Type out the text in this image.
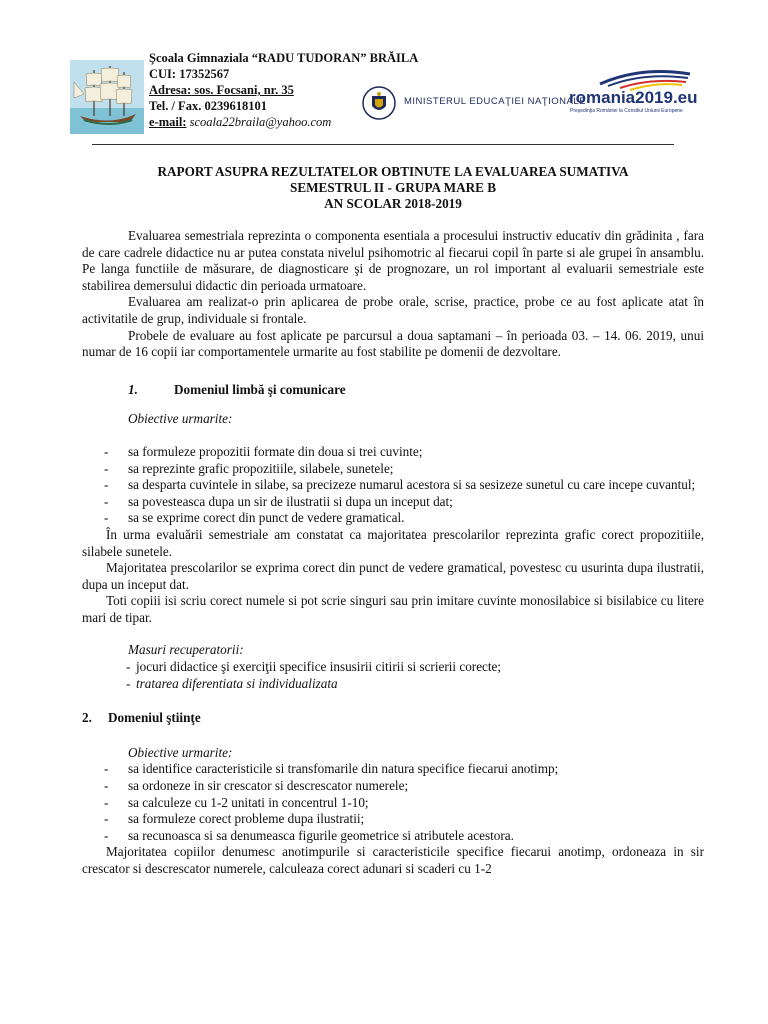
Şcoala Gimnaziala “RADU TUDORAN” BRĂILA
CUI: 17352567
Adresa: sos. Focsani, nr. 35
Tel. / Fax. 0239618101
e-mail: scoala22braila@yahoo.com
MINISTERUL EDUCAŢIEI NAŢIONALE
romania2019.eu
Preşedinţia României la Consiliul Uniunii Europene
RAPORT ASUPRA REZULTATELOR OBTINUTE LA EVALUAREA SUMATIVA
SEMESTRUL II - GRUPA MARE B
AN SCOLAR 2018-2019

Evaluarea semestriala reprezinta o componenta esentiala a procesului instructiv educativ din grădinita , fara de care cadrele didactice nu ar putea constata nivelul psihomotric al fiecarui copil în parte si ale grupei în ansamblu. Pe langa functiile de măsurare, de diagnosticare şi de prognozare, un rol important al evaluarii semestriale este stabilirea demersului didactic din perioada urmatoare.

Evaluarea am realizat-o prin aplicarea de probe orale, scrise, practice, probe ce au fost aplicate atat în activitatile de grup, individuale si frontale.

Probele de evaluare au fost aplicate pe parcursul a doua saptamani – în perioada 03. – 14. 06. 2019, unui numar de 16 copii iar comportamentele urmarite au fost stabilite pe domenii de dezvoltare.

1.	Domeniul limbă şi comunicare
Obiective urmarite:
- sa formuleze propozitii formate din doua si trei cuvinte;
- sa reprezinte grafic propozitiile, silabele, sunetele;
- sa desparta cuvintele in silabe, sa precizeze numarul acestora si sa sesizeze sunetul cu care incepe cuvantul;
- sa povesteasca dupa un sir de ilustratii si dupa un inceput dat;
- sa se exprime corect din punct de vedere gramatical.

În urma evaluării semestriale am constatat ca majoritatea prescolarilor reprezinta grafic corect propozitiile, silabele sunetele.

Majoritatea prescolarilor se exprima corect din punct de vedere gramatical, povestesc cu usurinta dupa ilustratii, dupa un inceput dat.

Toti copiii isi scriu corect numele si pot scrie singuri sau prin imitare cuvinte monosilabice si bisilabice cu litere mari de tipar.

Masuri recuperatorii:
- jocuri didactice şi exerciţii specifice insusirii citirii si scrierii corecte;
- tratarea diferentiata si individualizata
2. Domeniul ştiinţe
Obiective urmarite:
- sa identifice caracteristicile si transfomarile din natura specifice fiecarui anotimp;
- sa ordoneze in sir crescator si descrescator numerele;
- sa calculeze cu 1-2 unitati in concentrul 1-10;
- sa formuleze corect probleme dupa ilustratii;
- sa recunoasca si sa denumeasca figurile geometrice si atributele acestora.

Majoritatea copiilor denumesc anotimpurile si caracteristicile specifice fiecarui anotimp, ordoneaza in sir crescator si descrescator numerele, calculeaza corect adunari si scaderi cu 1-2
